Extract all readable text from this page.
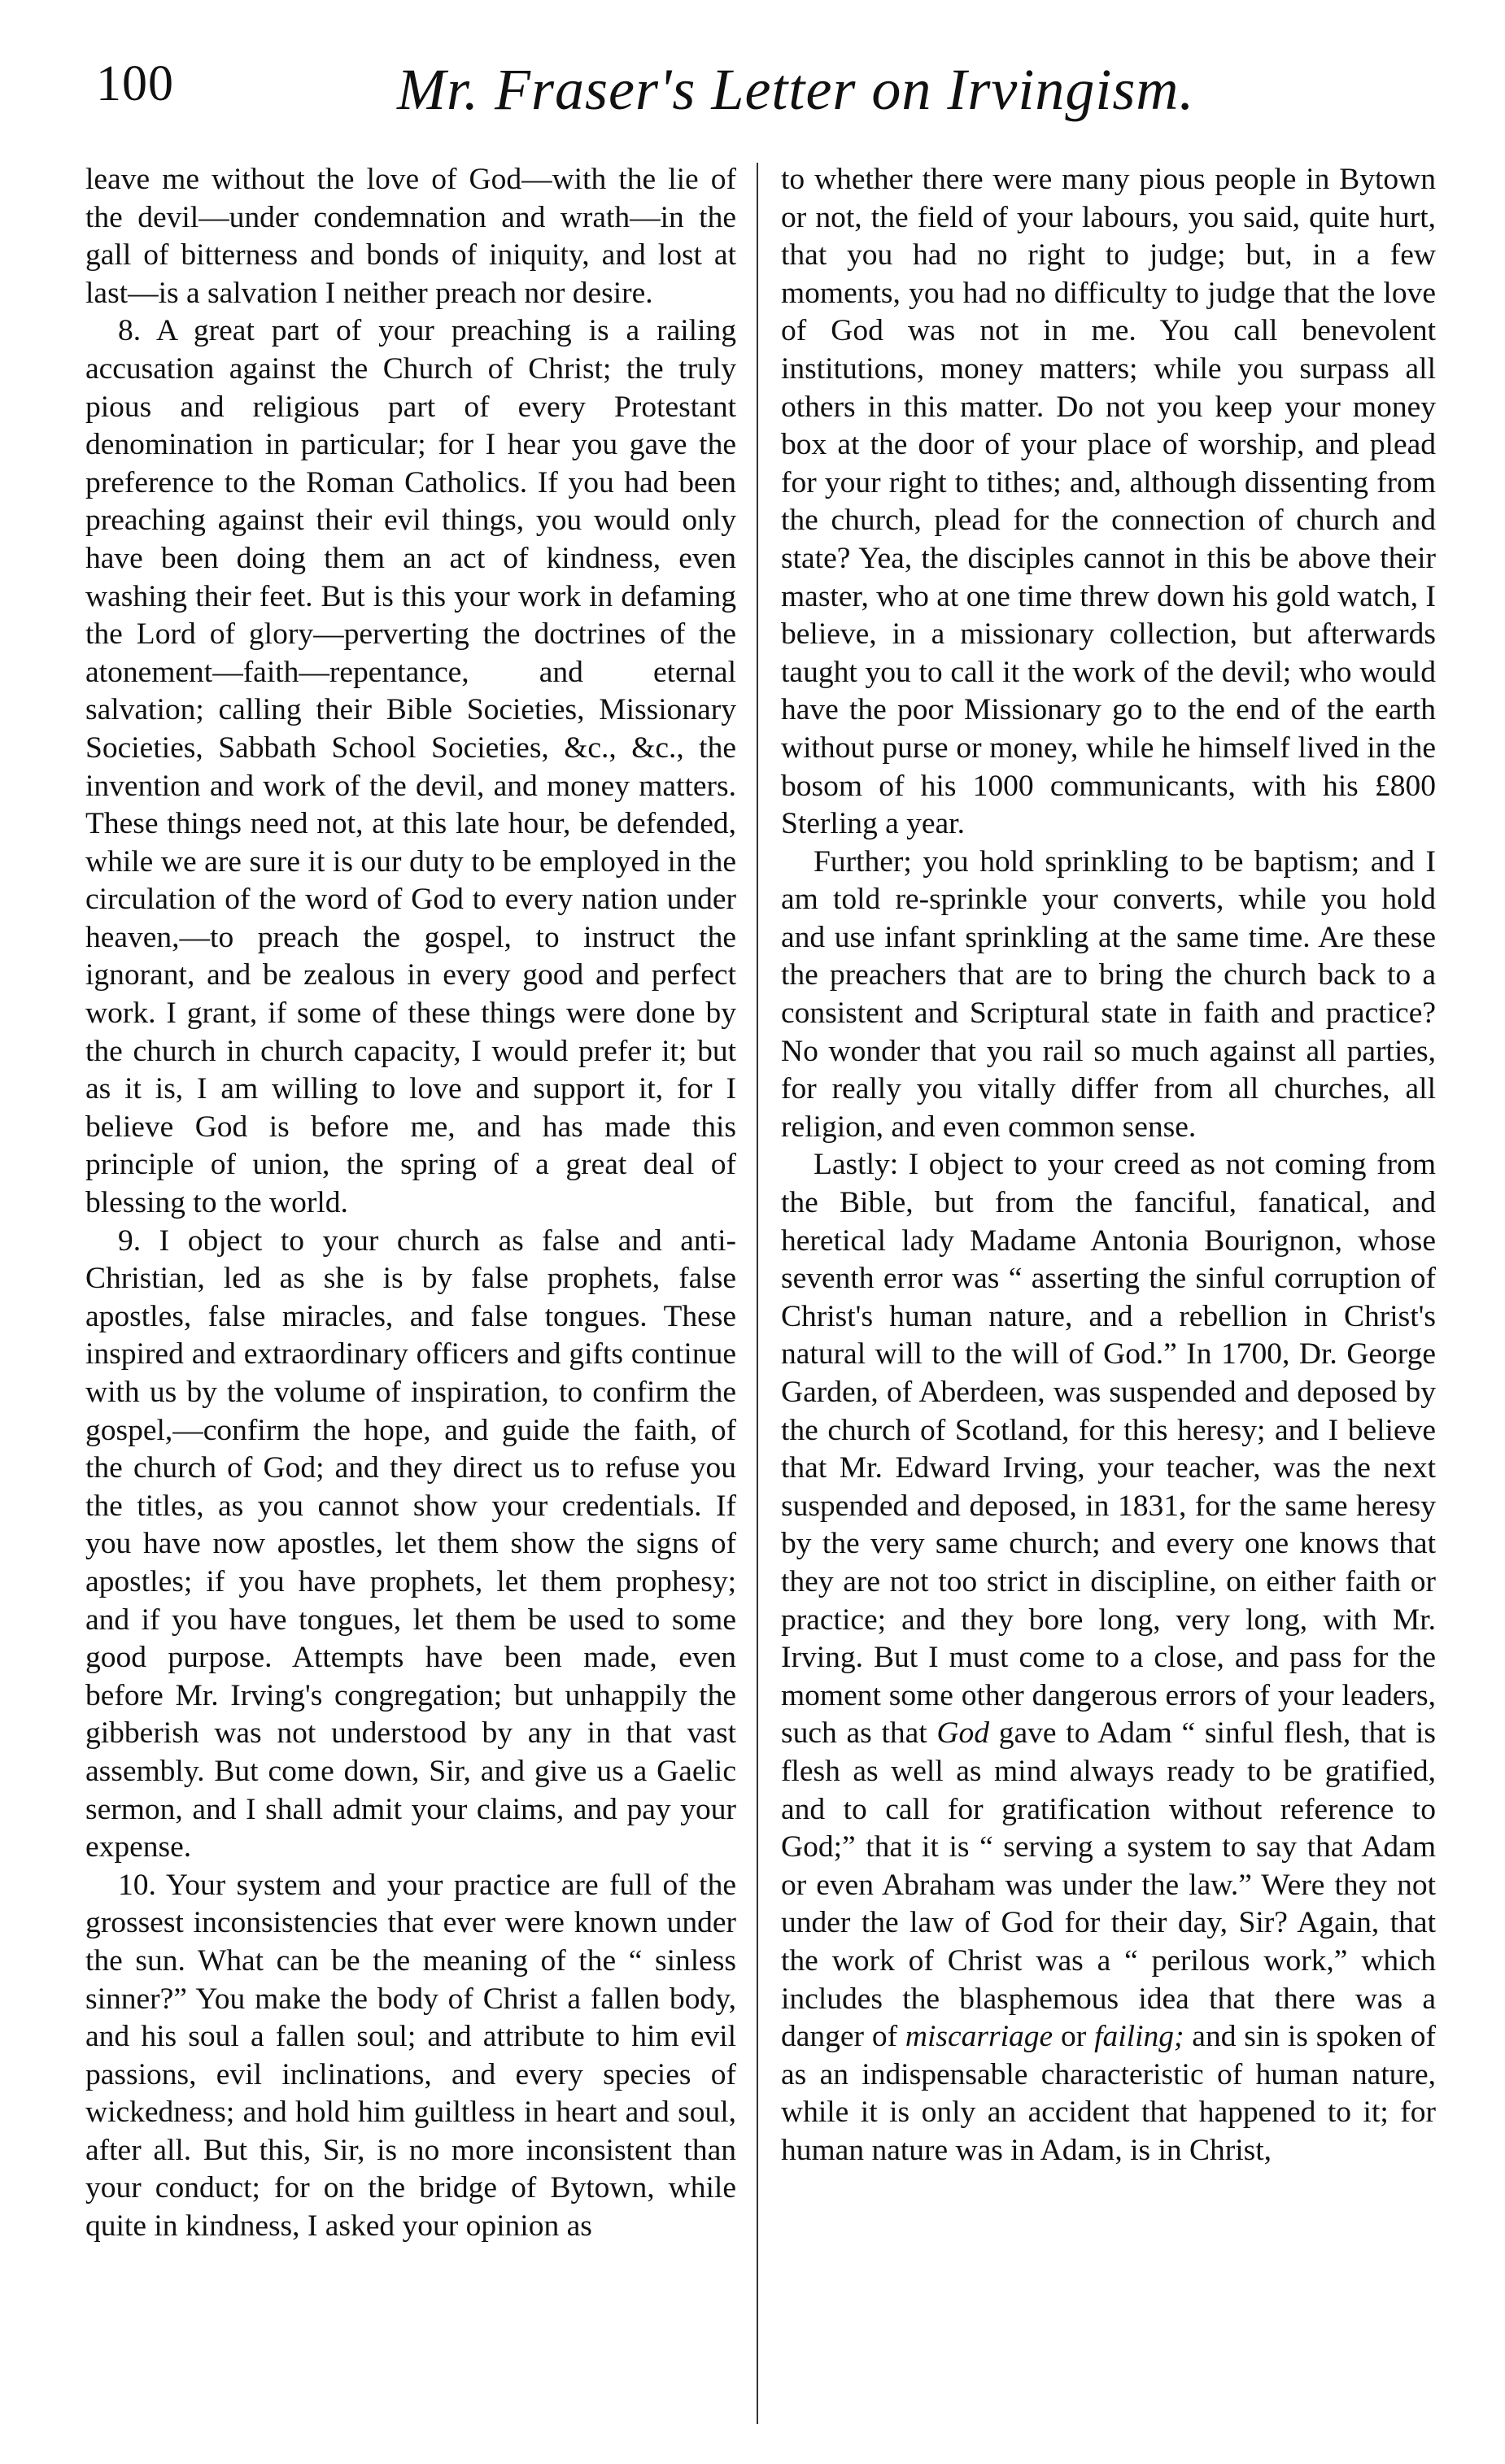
100	Mr. Fraser's Letter on Irvingism.

leave me without the love of God—with the lie of the devil—under condemnation and wrath—in the gall of bitterness and bonds of iniquity, and lost at last—is a salvation I neither preach nor desire.

8. A great part of your preaching is a railing accusation against the Church of Christ; the truly pious and religious part of every Protestant denomination in particular; for I hear you gave the preference to the Roman Catholics. If you had been preaching against their evil things, you would only have been doing them an act of kindness, even washing their feet. But is this your work in defaming the Lord of glory—perverting the doctrines of the atonement—faith—repentance, and eternal salvation; calling their Bible Societies, Missionary Societies, Sabbath School Societies, &c., &c., the invention and work of the devil, and money matters. These things need not, at this late hour, be defended, while we are sure it is our duty to be employed in the circulation of the word of God to every nation under heaven,—to preach the gospel, to instruct the ignorant, and be zealous in every good and perfect work. I grant, if some of these things were done by the church in church capacity, I would prefer it; but as it is, I am willing to love and support it, for I believe God is before me, and has made this principle of union, the spring of a great deal of blessing to the world.

9. I object to your church as false and anti-Christian, led as she is by false prophets, false apostles, false miracles, and false tongues. These inspired and extraordinary officers and gifts continue with us by the volume of inspiration, to confirm the gospel,—confirm the hope, and guide the faith, of the church of God; and they direct us to refuse you the titles, as you cannot show your credentials. If you have now apostles, let them show the signs of apostles; if you have prophets, let them prophesy; and if you have tongues, let them be used to some good purpose. Attempts have been made, even before Mr. Irving's congregation; but unhappily the gibberish was not understood by any in that vast assembly. But come down, Sir, and give us a Gaelic sermon, and I shall admit your claims, and pay your expense.

10. Your system and your practice are full of the grossest inconsistencies that ever were known under the sun. What can be the meaning of the “ sinless sinner?” You make the body of Christ a fallen body, and his soul a fallen soul; and attribute to him evil passions, evil inclinations, and every species of wickedness; and hold him guiltless in heart and soul, after all. But this, Sir, is no more inconsistent than your conduct; for on the bridge of Bytown, while quite in kindness, I asked your opinion as

to whether there were many pious people in Bytown or not, the field of your labours, you said, quite hurt, that you had no right to judge; but, in a few moments, you had no difficulty to judge that the love of God was not in me. You call benevolent institutions, money matters; while you surpass all others in this matter. Do not you keep your money box at the door of your place of worship, and plead for your right to tithes; and, although dissenting from the church, plead for the connection of church and state? Yea, the disciples cannot in this be above their master, who at one time threw down his gold watch, I believe, in a missionary collection, but afterwards taught you to call it the work of the devil; who would have the poor Missionary go to the end of the earth without purse or money, while he himself lived in the bosom of his 1000 communicants, with his £800 Sterling a year.

Further; you hold sprinkling to be baptism; and I am told re-sprinkle your converts, while you hold and use infant sprinkling at the same time. Are these the preachers that are to bring the church back to a consistent and Scriptural state in faith and practice? No wonder that you rail so much against all parties, for really you vitally differ from all churches, all religion, and even common sense.

Lastly: I object to your creed as not coming from the Bible, but from the fanciful, fanatical, and heretical lady Madame Antonia Bourignon, whose seventh error was “ asserting the sinful corruption of Christ's human nature, and a rebellion in Christ's natural will to the will of God.” In 1700, Dr. George Garden, of Aberdeen, was suspended and deposed by the church of Scotland, for this heresy; and I believe that Mr. Edward Irving, your teacher, was the next suspended and deposed, in 1831, for the same heresy by the very same church; and every one knows that they are not too strict in discipline, on either faith or practice; and they bore long, very long, with Mr. Irving. But I must come to a close, and pass for the moment some other dangerous errors of your leaders, such as that God gave to Adam “ sinful flesh, that is flesh as well as mind always ready to be gratified, and to call for gratification without reference to God;” that it is “ serving a system to say that Adam or even Abraham was under the law.” Were they not under the law of God for their day, Sir? Again, that the work of Christ was a “ perilous work,” which includes the blasphemous idea that there was a danger of miscarriage or failing; and sin is spoken of as an indispensable characteristic of human nature, while it is only an accident that happened to it; for human nature was in Adam, is in Christ,
